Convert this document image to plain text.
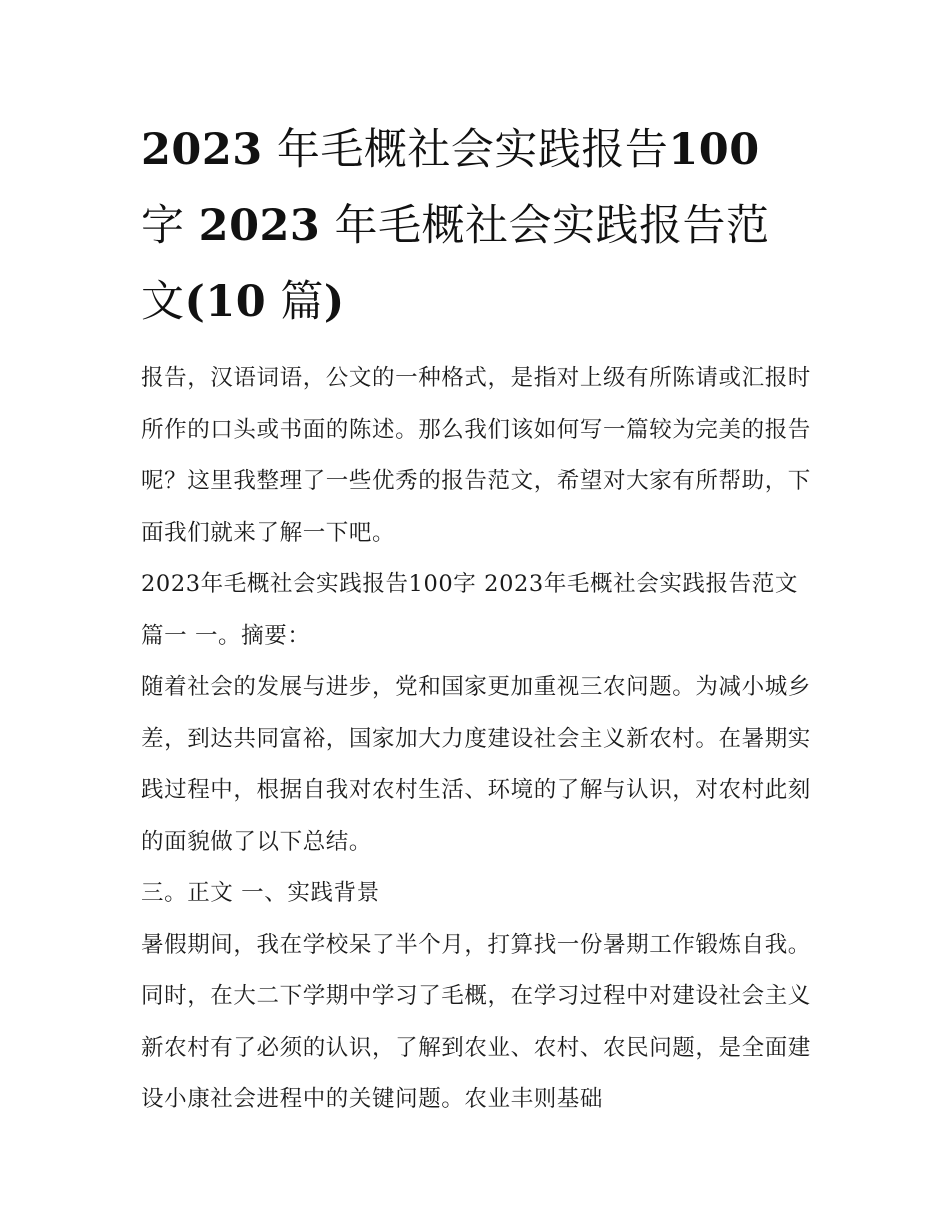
2023 年毛概社会实践报告100
字 2023 年毛概社会实践报告范文(10 篇)

报告，汉语词语，公文的一种格式，是指对上级有所陈请或汇报时所作的口头或书面的陈述。那么我们该如何写一篇较为完美的报告呢？这里我整理了一些优秀的报告范文，希望对大家有所帮助，下面我们就来了解一下吧。

2023年毛概社会实践报告100字 2023年毛概社会实践报告范文篇一 一。摘要：

随着社会的发展与进步，党和国家更加重视三农问题。为减小城乡差，到达共同富裕，国家加大力度建设社会主义新农村。在暑期实践过程中，根据自我对农村生活、环境的了解与认识，对农村此刻的面貌做了以下总结。

三。正文 一、实践背景

暑假期间，我在学校呆了半个月，打算找一份暑期工作锻炼自我。同时，在大二下学期中学习了毛概，在学习过程中对建设社会主义新农村有了必须的认识，了解到农业、农村、农民问题，是全面建设小康社会进程中的关键问题。农业丰则基础
